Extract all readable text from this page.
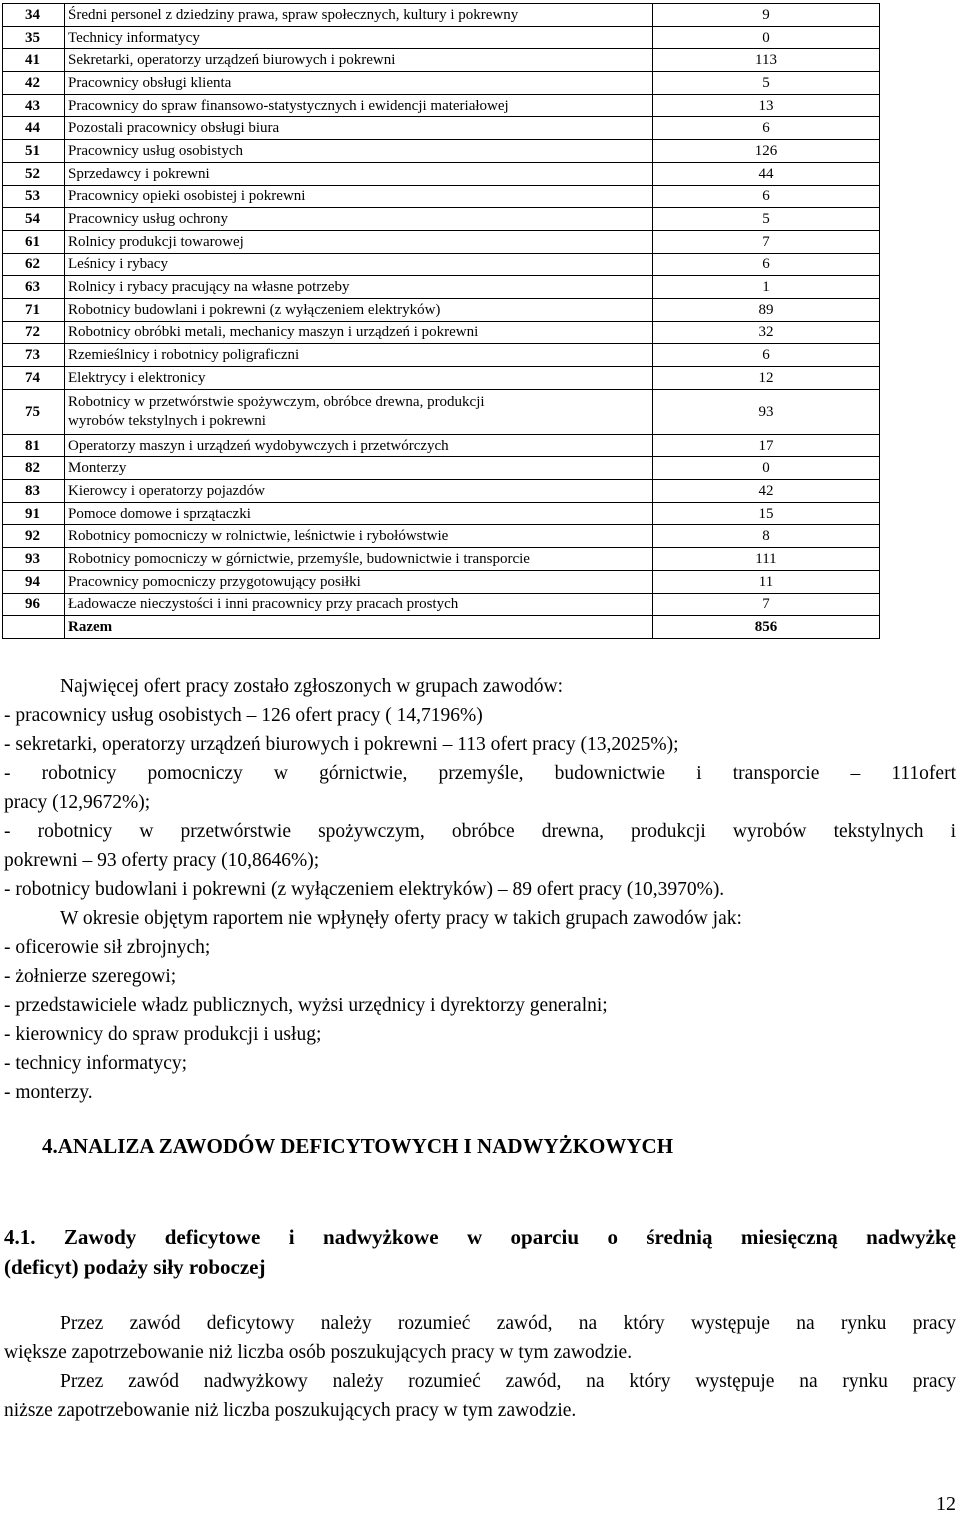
34	Średni personel z dziedziny prawa, spraw społecznych, kultury i pokrewny	9
35	Technicy informatycy	0
41	Sekretarki, operatorzy urządzeń biurowych i pokrewni	113
42	Pracownicy obsługi klienta	5
43	Pracownicy do spraw finansowo-statystycznych i ewidencji materiałowej	13
44	Pozostali pracownicy obsługi biura	6
51	Pracownicy usług osobistych	126
52	Sprzedawcy i pokrewni	44
53	Pracownicy opieki osobistej i pokrewni	6
54	Pracownicy usług ochrony	5
61	Rolnicy produkcji towarowej	7
62	Leśnicy i rybacy	6
63	Rolnicy i rybacy pracujący na własne potrzeby	1
71	Robotnicy budowlani i pokrewni (z wyłączeniem elektryków)	89
72	Robotnicy obróbki metali, mechanicy maszyn i urządzeń i pokrewni	32
73	Rzemieślnicy i robotnicy poligraficzni	6
74	Elektrycy i elektronicy	12
75	Robotnicy w przetwórstwie spożywczym, obróbce drewna, produkcji
wyrobów tekstylnych i pokrewni	93
81	Operatorzy maszyn i urządzeń wydobywczych i przetwórczych	17
82	Monterzy	0
83	Kierowcy i operatorzy pojazdów	42
91	Pomoce domowe i sprzątaczki	15
92	Robotnicy pomocniczy w rolnictwie, leśnictwie i rybołówstwie	8
93	Robotnicy pomocniczy w górnictwie, przemyśle, budownictwie i transporcie	111
94	Pracownicy pomocniczy przygotowujący posiłki	11
96	Ładowacze nieczystości i inni pracownicy przy pracach prostych	7
	Razem	856
Najwięcej ofert pracy zostało zgłoszonych w grupach zawodów:
- pracownicy usług osobistych – 126 ofert pracy ( 14,7196%)
- sekretarki, operatorzy urządzeń biurowych i pokrewni – 113 ofert pracy (13,2025%);
- robotnicy pomocniczy w górnictwie, przemyśle, budownictwie i transporcie – 111ofert
pracy (12,9672%);
- robotnicy w przetwórstwie spożywczym, obróbce drewna, produkcji wyrobów tekstylnych i
pokrewni – 93 oferty pracy (10,8646%);
- robotnicy budowlani i pokrewni (z wyłączeniem elektryków) – 89 ofert pracy (10,3970%).
W okresie objętym raportem nie wpłynęły oferty pracy w takich grupach zawodów jak:
- oficerowie sił zbrojnych;
- żołnierze szeregowi;
- przedstawiciele władz publicznych, wyżsi urzędnicy i dyrektorzy generalni;
- kierownicy do spraw produkcji i usług;
- technicy informatycy;
- monterzy.
4.ANALIZA ZAWODÓW DEFICYTOWYCH I NADWYŻKOWYCH
4.1. Zawody deficytowe i nadwyżkowe w oparciu o średnią miesięczną nadwyżkę
(deficyt) podaży siły roboczej
Przez zawód deficytowy należy rozumieć zawód, na który występuje na rynku pracy
większe zapotrzebowanie niż liczba osób poszukujących pracy w tym zawodzie.
Przez zawód nadwyżkowy należy rozumieć zawód, na który występuje na rynku pracy
niższe zapotrzebowanie niż liczba poszukujących pracy w tym zawodzie.
12
